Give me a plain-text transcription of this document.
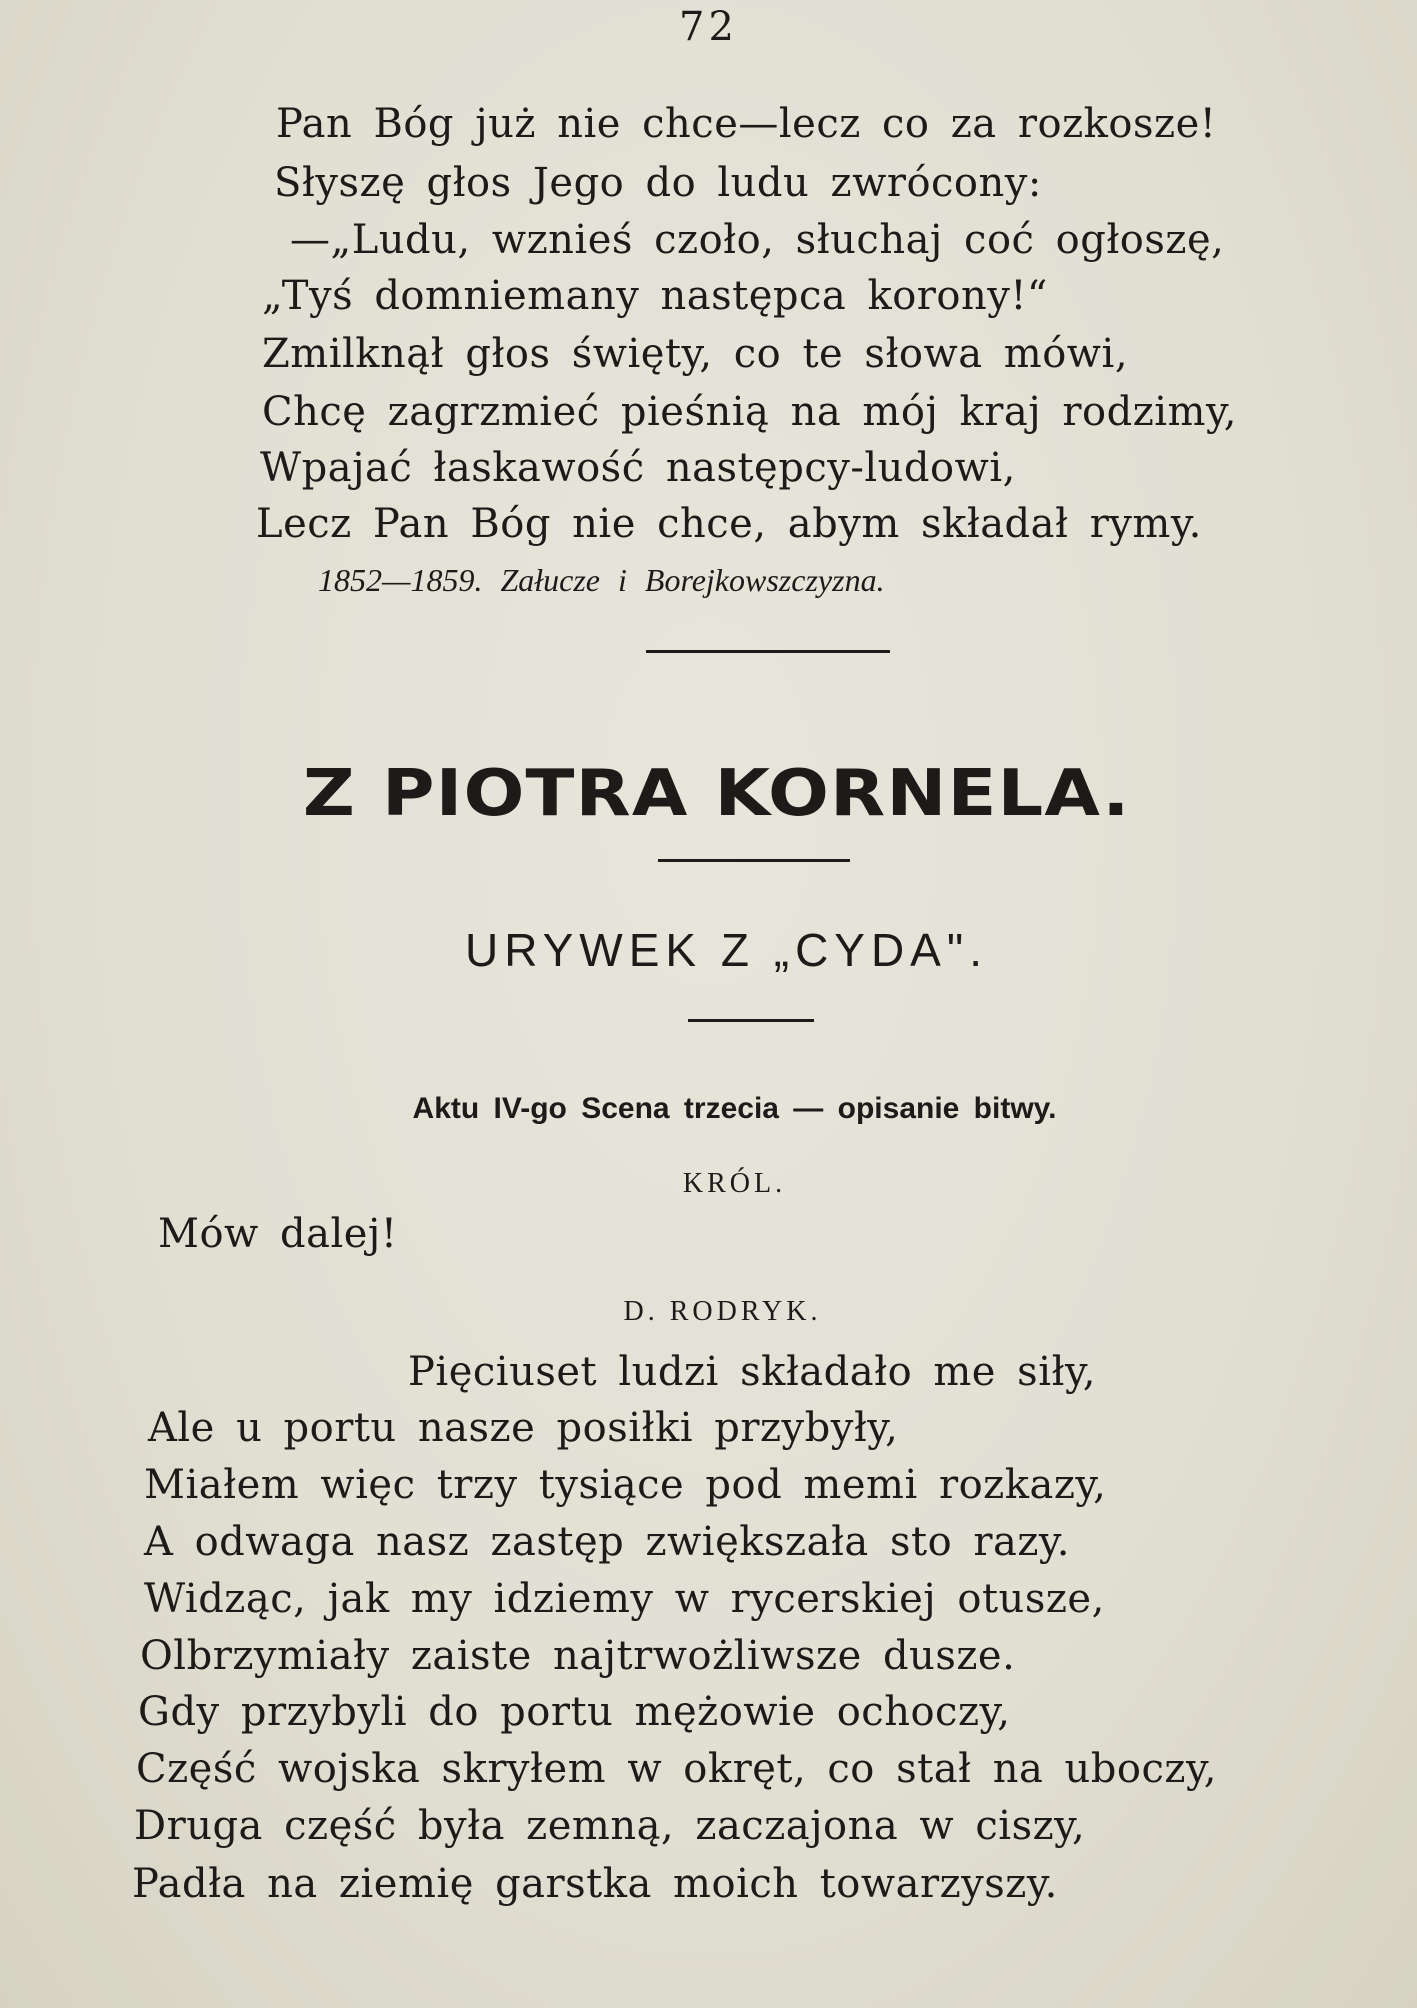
72
Pan Bóg już nie chce—lecz co za rozkosze!
Słyszę głos Jego do ludu zwrócony:
—„Ludu, wznieś czoło, słuchaj coć ogłoszę,
„Tyś domniemany następca korony!“
Zmilknął głos święty, co te słowa mówi,
Chcę zagrzmieć pieśnią na mój kraj rodzimy,
Wpajać łaskawość następcy-ludowi,
Lecz Pan Bóg nie chce, abym składał rymy.
1852—1859. Załucze i Borejkowszczyzna.
Z PIOTRA KORNELA.
URYWEK Z „CYDA".
Aktu IV-go Scena trzecia — opisanie bitwy.
KRÓL.
Mów dalej!
D. RODRYK.
Pięciuset ludzi składało me siły,
Ale u portu nasze posiłki przybyły,
Miałem więc trzy tysiące pod memi rozkazy,
A odwaga nasz zastęp zwiększała sto razy.
Widząc, jak my idziemy w rycerskiej otusze,
Olbrzymiały zaiste najtrwożliwsze dusze.
Gdy przybyli do portu mężowie ochoczy,
Część wojska skryłem w okręt, co stał na uboczy,
Druga część była zemną, zaczajona w ciszy,
Padła na ziemię garstka moich towarzyszy.
